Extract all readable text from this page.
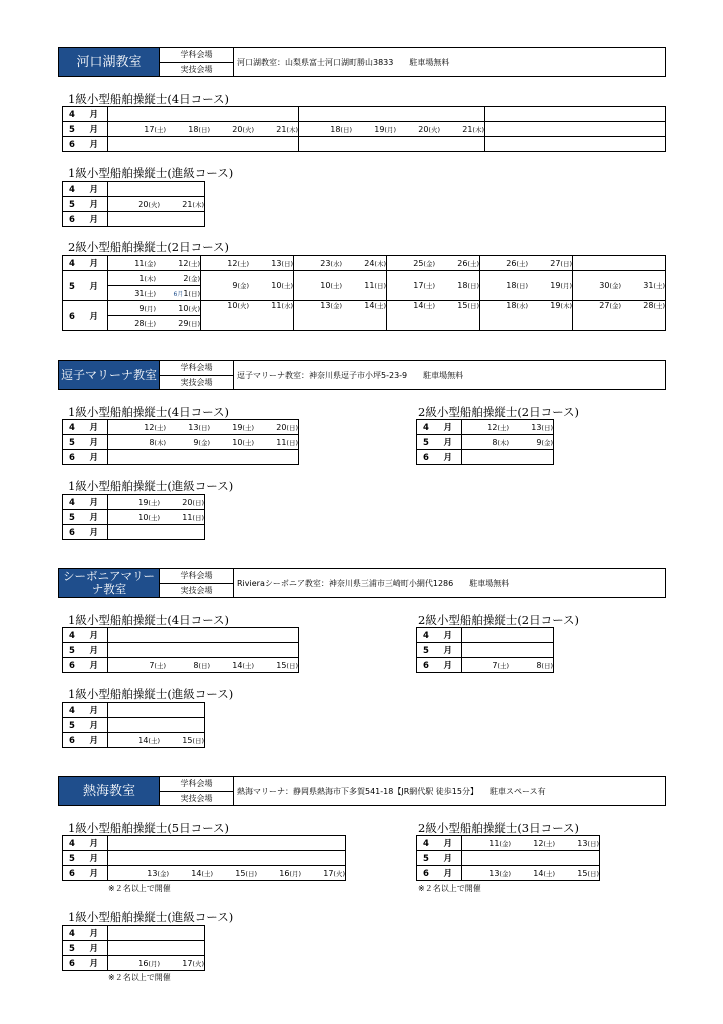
河口湖教室	学科会場
実技会場
河口湖教室：山梨県富士河口湖町勝山3833　　駐車場無料
1級小型船舶操縦士(4日コース)
4　月			
5　月	17(土) 18(日) 20(火) 21(木)	18(日) 19(月) 20(火) 21(木)	
6　月			
1級小型船舶操縦士(進級コース)
4　月	
5　月	20(火) 21(木)
6　月	
2級小型船舶操縦士(2日コース)
4　月	11(金) 12(土)	12(土) 13(日)	23(水) 24(木)	25(金) 26(土)	26(土) 27(日)	
5　月	1(木) 2(金)	9(金) 10(土)	10(土) 11(日)	17(土) 18(日)	18(日) 19(月)	30(金) 31(土)
	31(土) 6月1(日)					
6　月	9(月) 10(火)	10(火) 11(水)	13(金) 14(土)	14(土) 15(日)	18(水) 19(木)	27(金) 28(土)
	28(土) 29(日)					
逗子マリーナ教室	学科会場
実技会場
逗子マリーナ教室：神奈川県逗子市小坪5-23-9　　駐車場無料
1級小型船舶操縦士(4日コース)
4　月	12(土) 13(日) 19(土) 20(日)
5　月	8(木) 9(金) 10(土) 11(日)
6　月	
2級小型船舶操縦士(2日コース)
4　月	12(土) 13(日)
5　月	8(木) 9(金)
6　月	
1級小型船舶操縦士(進級コース)
4　月	19(土) 20(日)
5　月	10(土) 11(日)
6　月	
シーボニアマリーナ教室
学科会場
実技会場
Rivieraシーボニア教室：神奈川県三浦市三崎町小網代1286　　駐車場無料
1級小型船舶操縦士(4日コース)
4　月	
5　月	
6　月	7(土) 8(日) 14(土) 15(日)
2級小型船舶操縦士(2日コース)
4　月	
5　月	
6　月	7(土) 8(日)
1級小型船舶操縦士(進級コース)
4　月	
5　月	
6　月	14(土) 15(日)
熱海教室	学科会場
実技会場
熱海マリーナ：静岡県熱海市下多賀541-18【JR網代駅 徒歩15分】　　駐車スペース有
1級小型船舶操縦士(5日コース)
4　月	
5　月	
6　月	13(金) 14(土) 15(日) 16(月) 17(火)
※２名以上で開催
2級小型船舶操縦士(3日コース)
4　月	11(金) 12(土) 13(日)
5　月	
6　月	13(金) 14(土) 15(日)
※２名以上で開催
1級小型船舶操縦士(進級コース)
4　月	
5　月	
6　月	16(月) 17(火)
※２名以上で開催
